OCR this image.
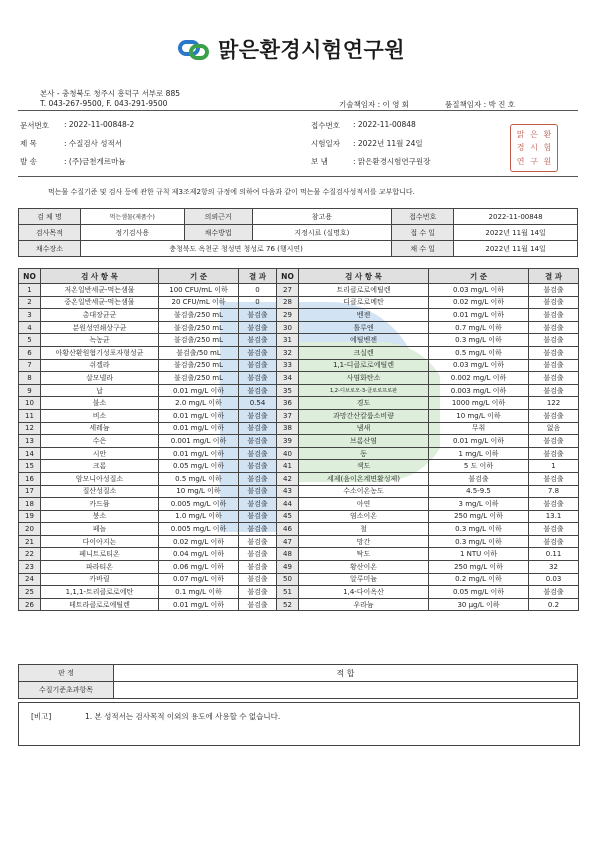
맑은환경시험연구원
본사 - 충청북도 청주시 흥덕구 서부로 885
T. 043-267-9500, F. 043-291-9500	기술책임자 : 이 영 회	품질책임자 : 박 진 호
문서번호 : 2022-11-00848-2
제 목	: 수질검사 성적서
발 송	: (주)금천게르마늄
접수번호 : 2022-11-00848
시험일자 : 2022년 11월 24일
보 냄	: 맑은환경시험연구원장
맑 은 환
경 시 험
연 구 원
먹는물 수질기준 및 검사 등에 관한 규칙 제3조제2항의 규정에 의하여 다음과 같이 먹는물 수질검사성적서를 교부합니다.
검 체 명	먹는샘물(제품수)	의뢰근거	참고용	접수번호	2022-11-00848
검사목적	정기검사용	채수방법	지정시료 (실명호)	접 수 일	2022년 11월 14일
채수장소	충청북도 옥천군 청성면 청성로 76 (행시연)			채 수 일	2022년 11월 14일
NO	검 사 항 목	기 준	결 과	NO	검 사 항 목	기 준	결 과
1	저온일반세균-먹는샘물	100 CFU/mL 이하	0	27	트리클로로에틸렌	0.03 mg/L 이하	불검출
2	중온일반세균-먹는샘물	20 CFU/mL 이하	0	28	디클로로메탄	0.02 mg/L 이하	불검출
3	총대장균군	불검출/250 mL	불검출	29	벤젠	0.01 mg/L 이하	불검출
4	분원성연쇄상구균	불검출/250 mL	불검출	30	톨루엔	0.7 mg/L 이하	불검출
5	녹농균	불검출/250 mL	불검출	31	에틸벤젠	0.3 mg/L 이하	불검출
6	아황산환원혐기성포자형성균	불검출/50 mL	불검출	32	크실렌	0.5 mg/L 이하	불검출
7	쉬겔라	불검출/250 mL	불검출	33	1,1-디클로로에틸렌	0.03 mg/L 이하	불검출
8	살모넬라	불검출/250 mL	불검출	34	사염화탄소	0.002 mg/L 이하	불검출
9	납	0.01 mg/L 이하	불검출	35	1,2-디브로모-3-클로로프로판	0.003 mg/L 이하	불검출
10	불소	2.0 mg/L 이하	0.54	36	경도	1000 mg/L 이하	122
11	비소	0.01 mg/L 이하	불검출	37	과망간산칼륨소비량	10 mg/L 이하	불검출
12	세레늄	0.01 mg/L 이하	불검출	38	냄새	무취	없음
13	수은	0.001 mg/L 이하	불검출	39	브롬산염	0.01 mg/L 이하	불검출
14	시안	0.01 mg/L 이하	불검출	40	동	1 mg/L 이하	불검출
15	크롬	0.05 mg/L 이하	불검출	41	색도	5 도 이하	1
16	암모니아성질소	0.5 mg/L 이하	불검출	42	세제(음이온계면활성제)	불검출	불검출
17	질산성질소	10 mg/L 이하	불검출	43	수소이온농도	4.5-9.5	7.8
18	카드뮴	0.005 mg/L 이하	불검출	44	아연	3 mg/L 이하	불검출
19	붕소	1.0 mg/L 이하	불검출	45	염소이온	250 mg/L 이하	13.1
20	페놀	0.005 mg/L 이하	불검출	46	철	0.3 mg/L 이하	불검출
21	다이아지논	0.02 mg/L 이하	불검출	47	망간	0.3 mg/L 이하	불검출
22	페니트로티온	0.04 mg/L 이하	불검출	48	탁도	1 NTU 이하	0.11
23	파라티온	0.06 mg/L 이하	불검출	49	황산이온	250 mg/L 이하	32
24	카바릴	0.07 mg/L 이하	불검출	50	알루미늄	0.2 mg/L 이하	0.03
25	1,1,1-트리클로로에탄	0.1 mg/L 이하	불검출	51	1,4-다이옥산	0.05 mg/L 이하	불검출
26	테트라클로로에틸렌	0.01 mg/L 이하	불검출	52	우라늄	30 μg/L 이하	0.2
판 정	적 합
수질기준초과항목	
[비고]	1. 본 성적서는 검사목적 이외의 용도에 사용할 수 없습니다.
